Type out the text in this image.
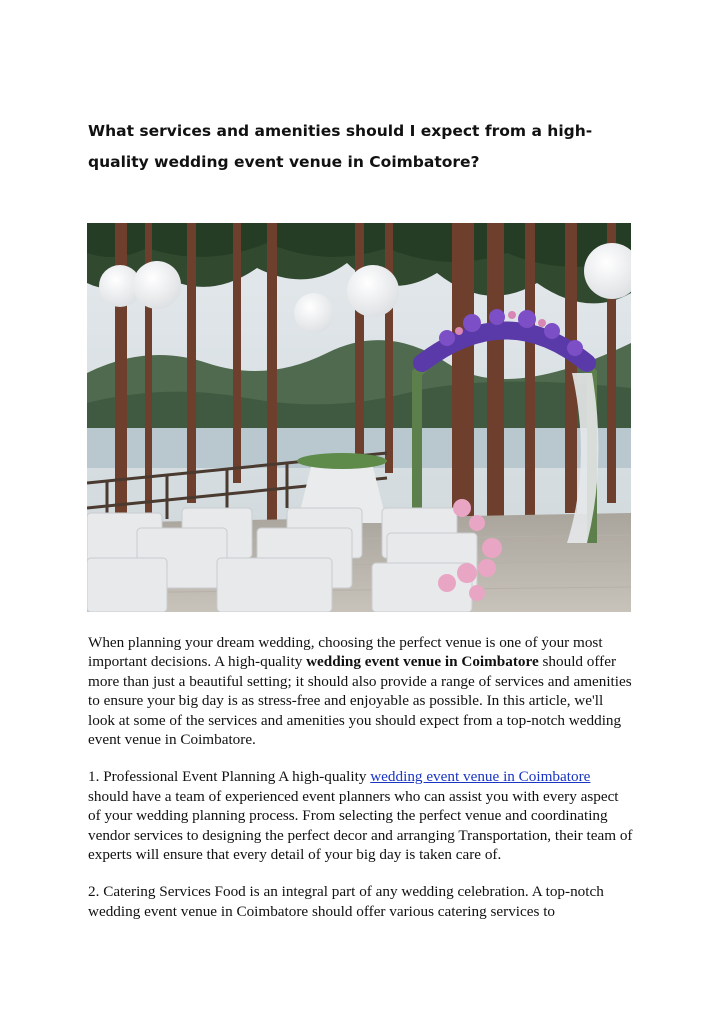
What services and amenities should I expect from a high-quality wedding event venue in Coimbatore?

When planning your dream wedding, choosing the perfect venue is one of your most important decisions. A high-quality wedding event venue in Coimbatore should offer more than just a beautiful setting; it should also provide a range of services and amenities to ensure your big day is as stress-free and enjoyable as possible. In this article, we'll look at some of the services and amenities you should expect from a top-notch wedding event venue in Coimbatore.

1. Professional Event Planning A high-quality wedding event venue in Coimbatore should have a team of experienced event planners who can assist you with every aspect of your wedding planning process. From selecting the perfect venue and coordinating vendor services to designing the perfect decor and arranging Transportation, their team of experts will ensure that every detail of your big day is taken care of.

2. Catering Services Food is an integral part of any wedding celebration. A top-notch wedding event venue in Coimbatore should offer various catering services to
